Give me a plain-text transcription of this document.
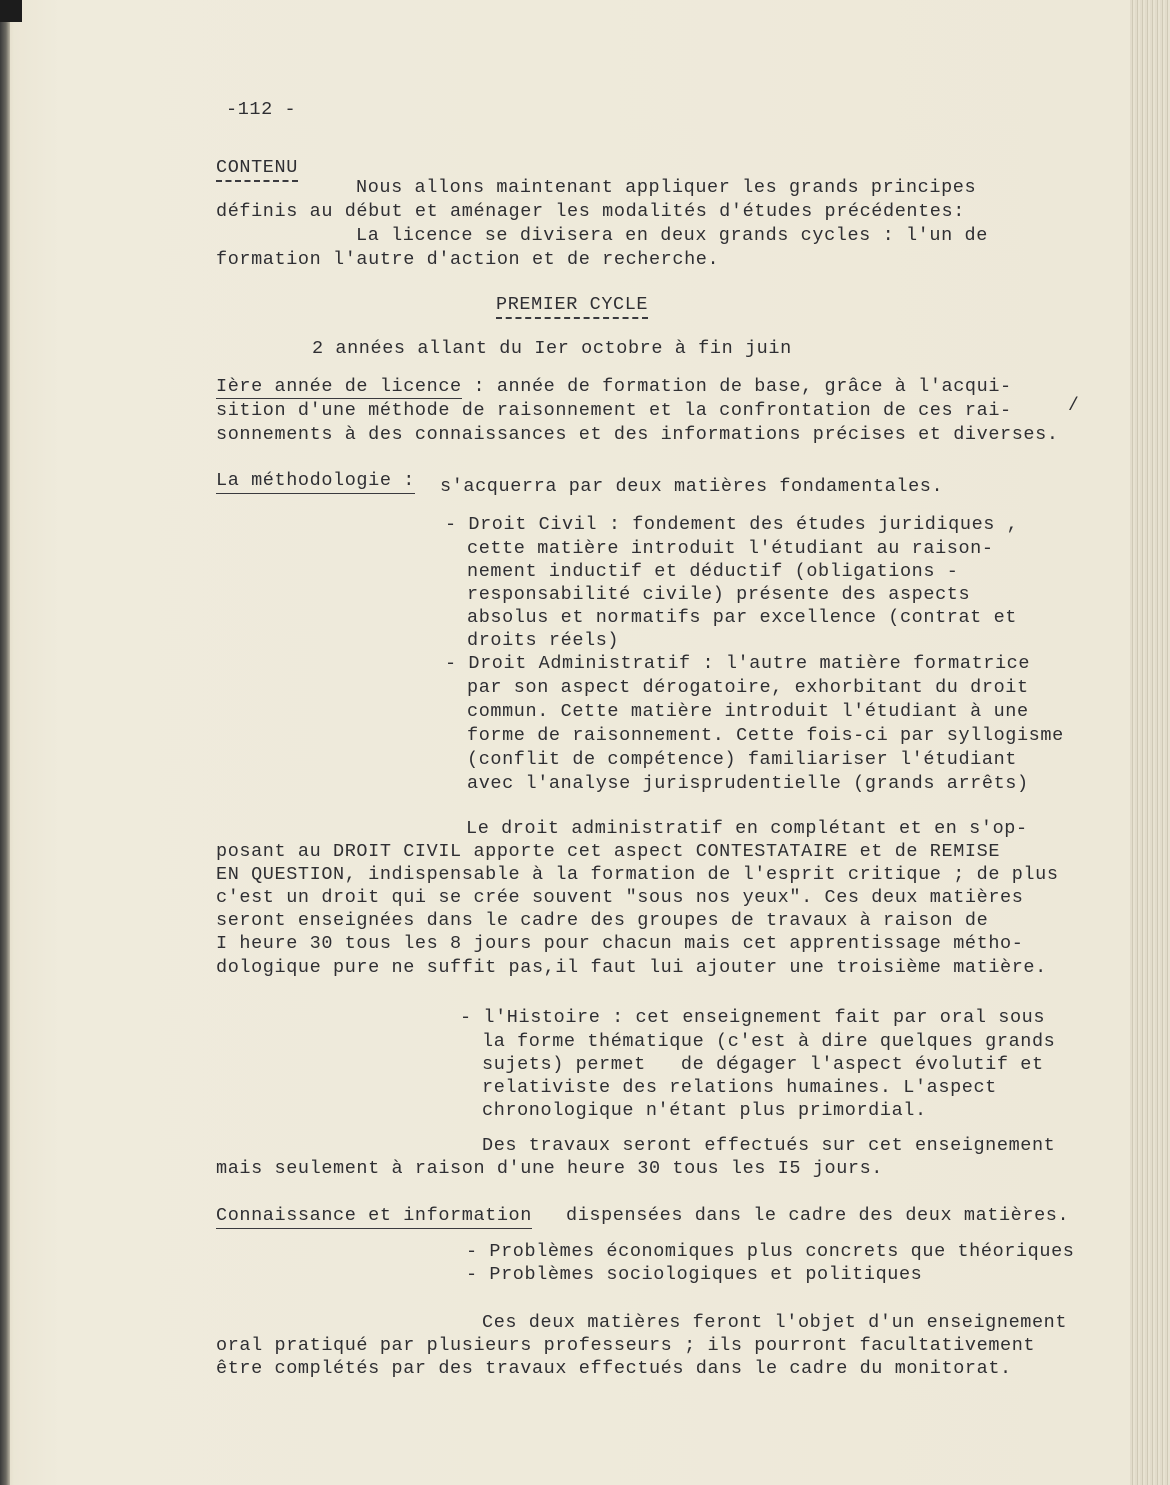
-112 -
CONTENU
Nous allons maintenant appliquer les grands principes
définis au début et aménager les modalités d'études précédentes:
La licence se divisera en deux grands cycles : l'un de
formation l'autre d'action et de recherche.
PREMIER CYCLE
2 années allant du Ier octobre à fin juin
Ière année de licence : année de formation de base, grâce à l'acqui-
sition d'une méthode de raisonnement et la confrontation de ces rai-	/
sonnements à des connaissances et des informations précises et diverses.
La méthodologie : s'acquerra par deux matières fondamentales.
- Droit Civil : fondement des études juridiques ,
cette matière introduit l'étudiant au raison-
nement inductif et déductif (obligations -
responsabilité civile) présente des aspects
absolus et normatifs par excellence (contrat et
droits réels)
- Droit Administratif : l'autre matière formatrice
par son aspect dérogatoire, exhorbitant du droit
commun. Cette matière introduit l'étudiant à une
forme de raisonnement. Cette fois-ci par syllogisme
(conflit de compétence) familiariser l'étudiant
avec l'analyse jurisprudentielle (grands arrêts)
Le droit administratif en complétant et en s'op-
posant au DROIT CIVIL apporte cet aspect CONTESTATAIRE et de REMISE
EN QUESTION, indispensable à la formation de l'esprit critique ; de plus
c'est un droit qui se crée souvent "sous nos yeux". Ces deux matières
seront enseignées dans le cadre des groupes de travaux à raison de
I heure 30 tous les 8 jours pour chacun mais cet apprentissage métho-
dologique pure ne suffit pas,il faut lui ajouter une troisième matière.
- l'Histoire : cet enseignement fait par oral sous
la forme thématique (c'est à dire quelques grands
sujets) permet   de dégager l'aspect évolutif et
relativiste des relations humaines. L'aspect
chronologique n'étant plus primordial.
Des travaux seront effectués sur cet enseignement
mais seulement à raison d'une heure 30 tous les I5 jours.
Connaissance et information dispensées dans le cadre des deux matières.
- Problèmes économiques plus concrets que théoriques
- Problèmes sociologiques et politiques
Ces deux matières feront l'objet d'un enseignement
oral pratiqué par plusieurs professeurs ; ils pourront facultativement
être complétés par des travaux effectués dans le cadre du monitorat.
